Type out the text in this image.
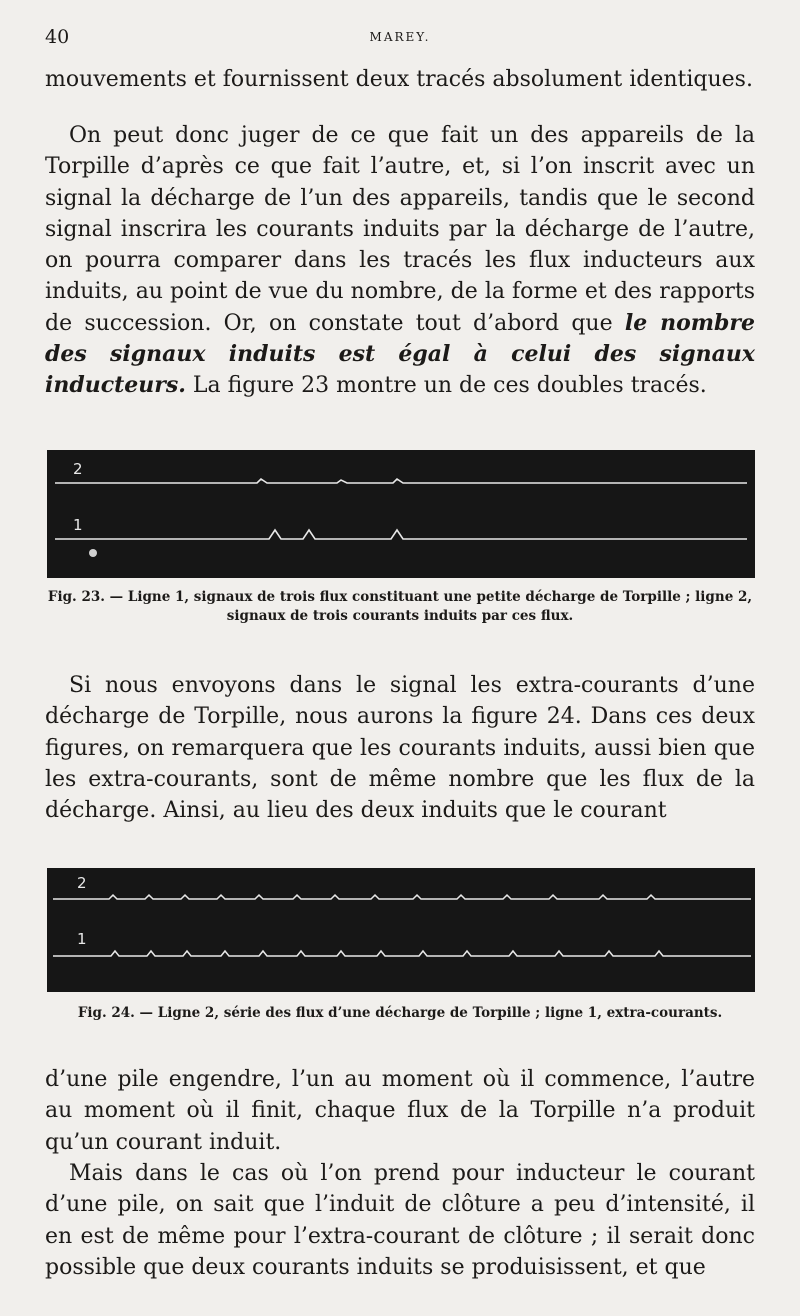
40	MAREY.

mouvements et fournissent deux tracés absolument identiques.

On peut donc juger de ce que fait un des appareils de la Torpille d’après ce que fait l’autre, et, si l’on inscrit avec un signal la décharge de l’un des appareils, tandis que le second signal inscrira les courants induits par la décharge de l’autre, on pourra comparer dans les tracés les flux inducteurs aux induits, au point de vue du nombre, de la forme et des rapports de succession. Or, on constate tout d’abord que le nombre des signaux induits est égal à celui des signaux inducteurs. La figure 23 montre un de ces doubles tracés.

2
1
Fig. 23. — Ligne 1, signaux de trois flux constituant une petite décharge de Torpille ; ligne 2, signaux de trois courants induits par ces flux.

Si nous envoyons dans le signal les extra-courants d’une décharge de Torpille, nous aurons la figure 24. Dans ces deux figures, on remarquera que les courants induits, aussi bien que les extra-courants, sont de même nombre que les flux de la décharge. Ainsi, au lieu des deux induits que le courant

2
1
Fig. 24. — Ligne 2, série des flux d’une décharge de Torpille ; ligne 1, extra-courants.

d’une pile engendre, l’un au moment où il commence, l’autre au moment où il finit, chaque flux de la Torpille n’a produit qu’un courant induit.

Mais dans le cas où l’on prend pour inducteur le courant d’une pile, on sait que l’induit de clôture a peu d’intensité, il en est de même pour l’extra-courant de clôture ; il serait donc possible que deux courants induits se produisissent, et que
